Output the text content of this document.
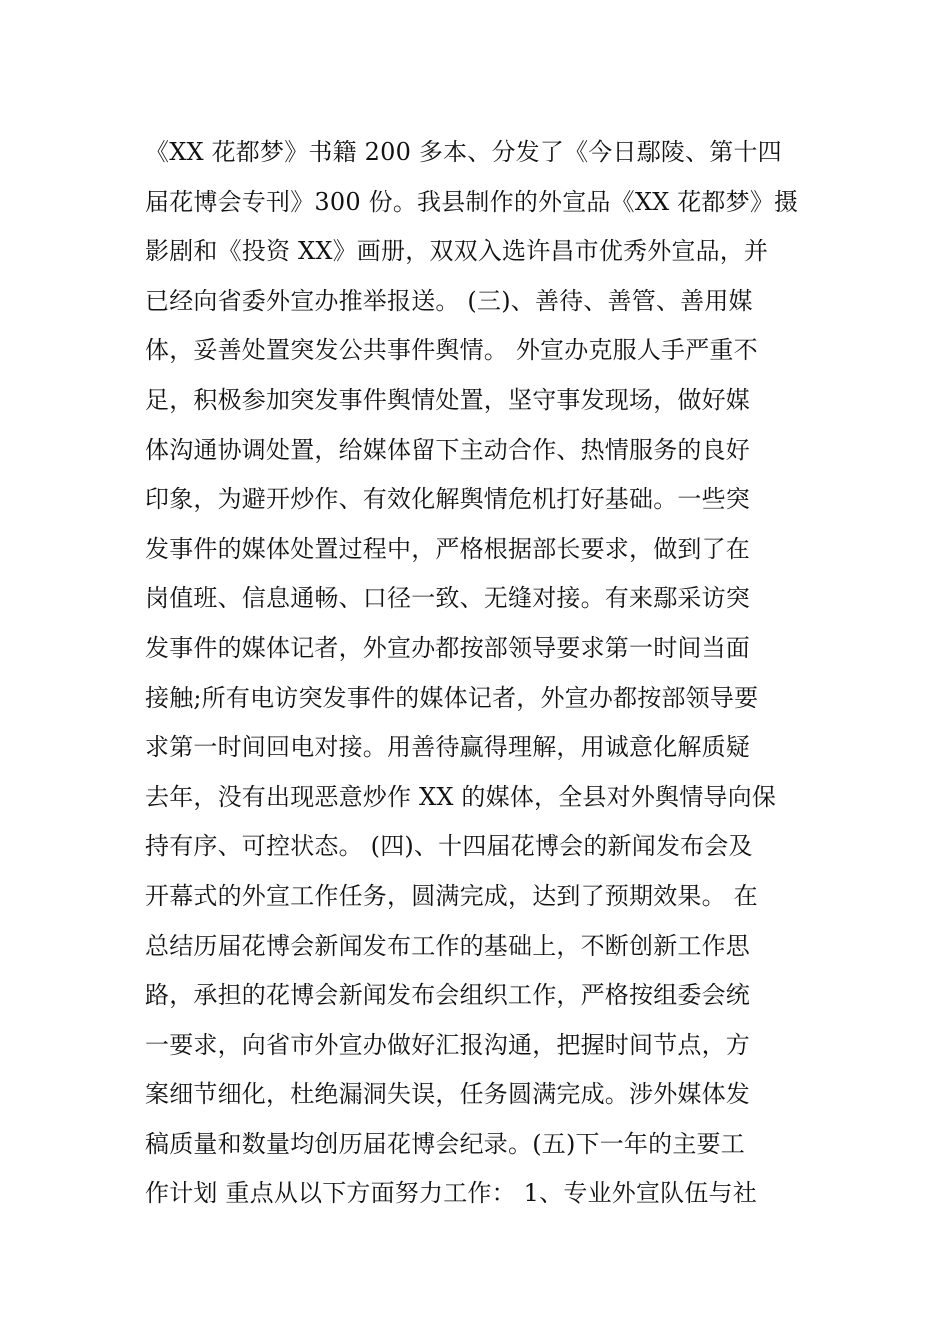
《XX 花都梦》书籍 200 多本、分发了《今日鄢陵、第十四
届花博会专刊》300 份。我县制作的外宣品《XX 花都梦》摄
影剧和《投资 XX》画册，双双入选许昌市优秀外宣品，并
已经向省委外宣办推举报送。 (三)、善待、善管、善用媒
体，妥善处置突发公共事件舆情。 外宣办克服人手严重不
足，积极参加突发事件舆情处置，坚守事发现场，做好媒
体沟通协调处置，给媒体留下主动合作、热情服务的良好
印象，为避开炒作、有效化解舆情危机打好基础。一些突
发事件的媒体处置过程中，严格根据部长要求，做到了在
岗值班、信息通畅、口径一致、无缝对接。有来鄢采访突
发事件的媒体记者，外宣办都按部领导要求第一时间当面
接触;所有电访突发事件的媒体记者，外宣办都按部领导要
求第一时间回电对接。用善待赢得理解，用诚意化解质疑
去年，没有出现恶意炒作 XX 的媒体，全县对外舆情导向保
持有序、可控状态。 (四)、十四届花博会的新闻发布会及
开幕式的外宣工作任务，圆满完成，达到了预期效果。 在
总结历届花博会新闻发布工作的基础上，不断创新工作思
路，承担的花博会新闻发布会组织工作，严格按组委会统
一要求，向省市外宣办做好汇报沟通，把握时间节点，方
案细节细化，杜绝漏洞失误，任务圆满完成。涉外媒体发
稿质量和数量均创历届花博会纪录。(五)下一年的主要工
作计划 重点从以下方面努力工作： 1、专业外宣队伍与社
